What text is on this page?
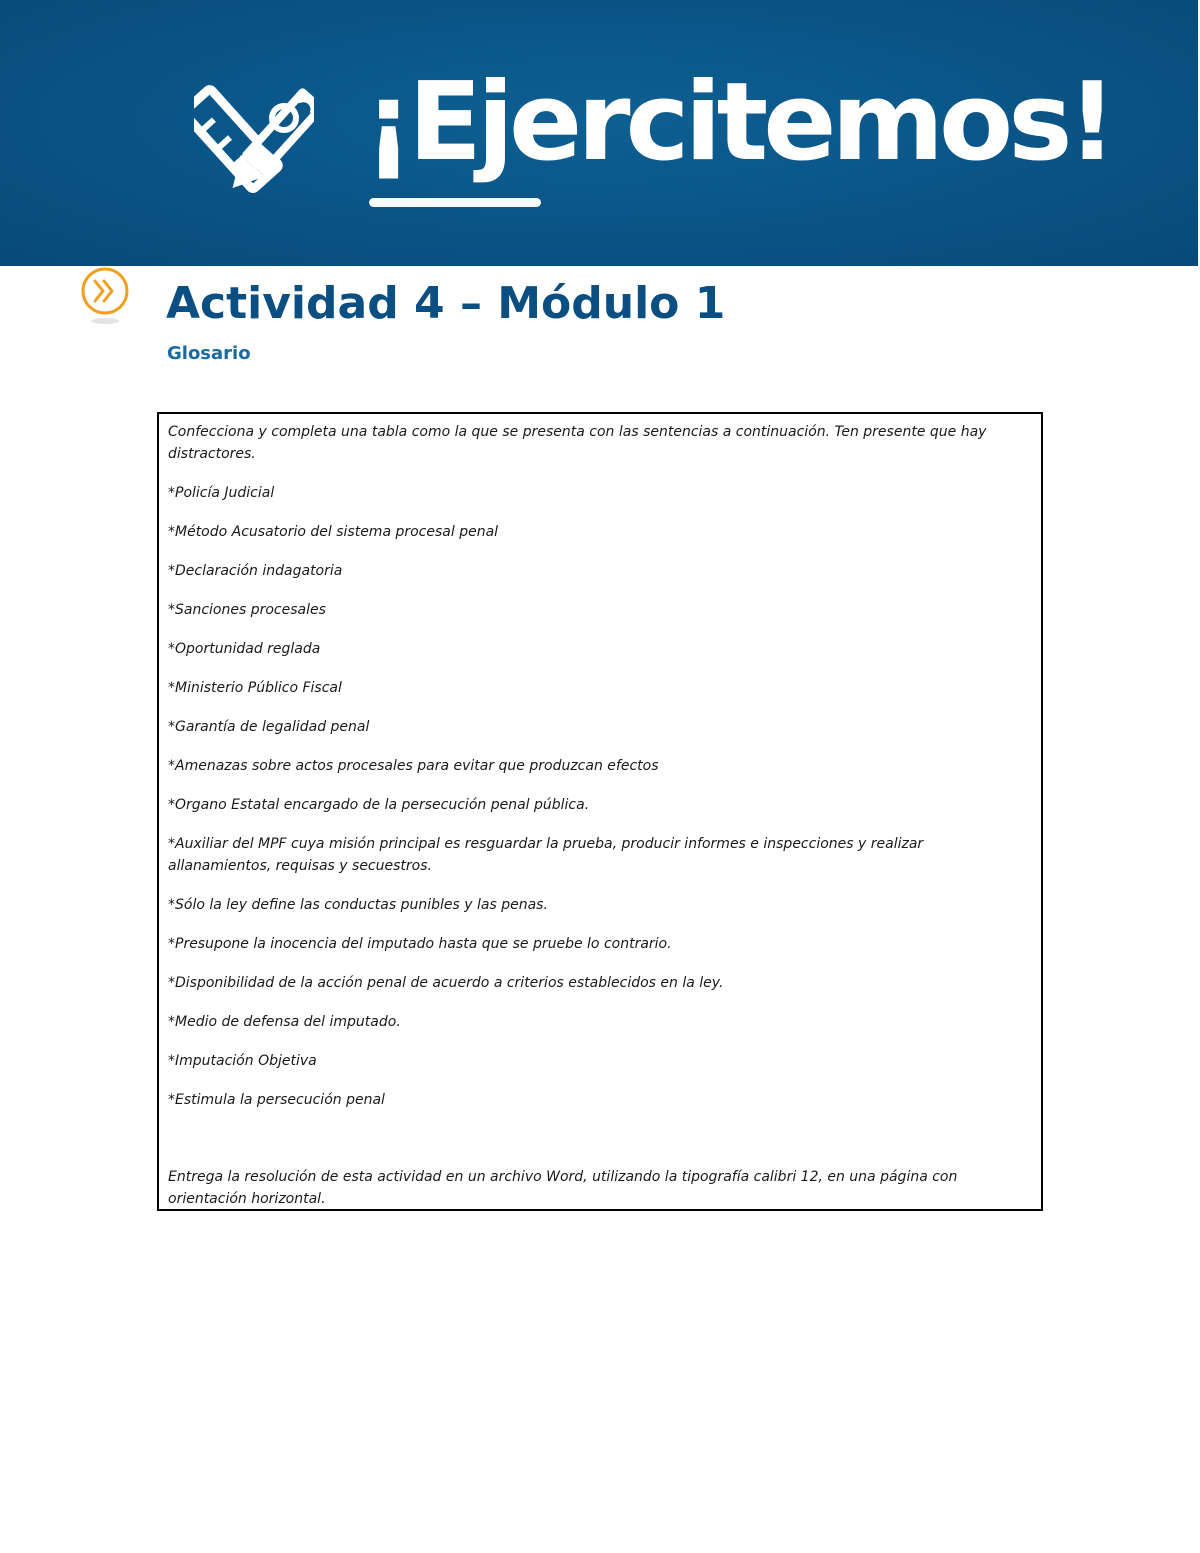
¡Ejercitemos!
Actividad 4 – Módulo 1
Glosario

Confecciona y completa una tabla como la que se presenta con las sentencias a continuación. Ten presente que hay distractores.

*Policía Judicial
*Método Acusatorio del sistema procesal penal
*Declaración indagatoria
*Sanciones procesales
*Oportunidad reglada
*Ministerio Público Fiscal
*Garantía de legalidad penal
*Amenazas sobre actos procesales para evitar que produzcan efectos
*Organo Estatal encargado de la persecución penal pública.
*Auxiliar del MPF cuya misión principal es resguardar la prueba, producir informes e inspecciones y realizar allanamientos, requisas y secuestros.
*Sólo la ley define las conductas punibles y las penas.
*Presupone la inocencia del imputado hasta que se pruebe lo contrario.
*Disponibilidad de la acción penal de acuerdo a criterios establecidos en la ley.
*Medio de defensa del imputado.
*Imputación Objetiva
*Estimula la persecución penal

Entrega la resolución de esta actividad en un archivo Word, utilizando la tipografía calibri 12, en una página con orientación horizontal.
